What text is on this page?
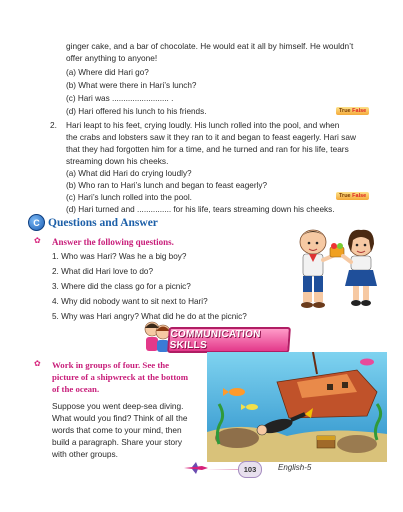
ginger cake, and a bar of chocolate. He would eat it all by himself. He wouldn’t
offer anything to anyone!
(a) Where did Hari go?
(b) What were there in Hari’s lunch?
(c) Hari was ......................... .
(d) Hari offered his lunch to his friends.	True False
2. Hari leapt to his feet, crying loudly. His lunch rolled into the pool, and when
the crabs and lobsters saw it they ran to it and began to feast eagerly. Hari saw
that they had forgotten him for a time, and he turned and ran for his life, tears
streaming down his cheeks.
(a) What did Hari do crying loudly?
(b) Who ran to Hari’s lunch and began to feast eagerly?
(c) Hari’s lunch rolled into the pool.
(d) Hari turned and ............... for his life, tears streaming down his cheeks.
True False
C Questions and Answer
✿ Answer the following questions.
1. Who was Hari? Was he a big boy?
2. What did Hari love to do?
3. Where did the class go for a picnic?
4. Why did nobody want to sit next to Hari?
5. Why was Hari angry? What did he do at the picnic?
COMMUNICATION SKILLS
✿ Work in groups of four. See the
picture of a shipwreck at the bottom
of the ocean.
Suppose you went deep-sea diving.
What would you find? Think of all the
words that come to your mind, then
build a paragraph. Share your story
with other groups.
103	English-5
